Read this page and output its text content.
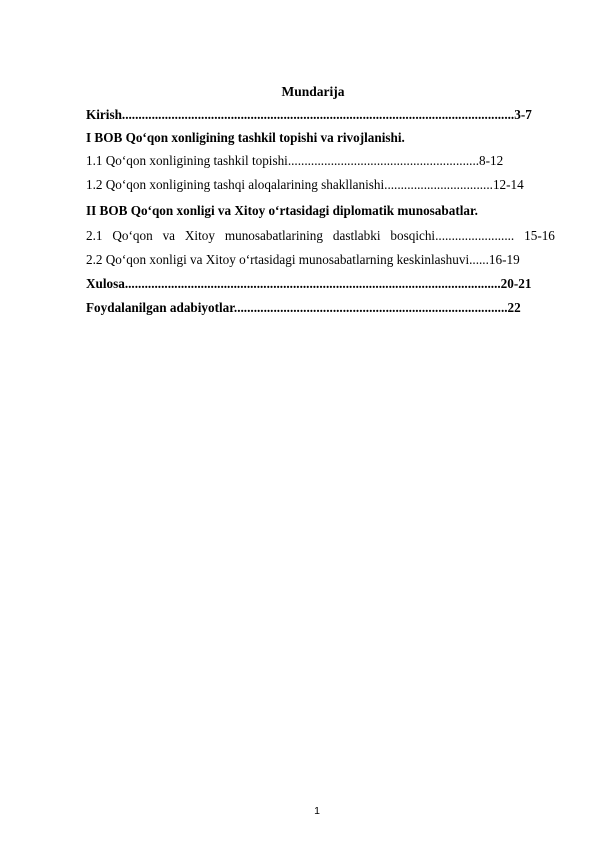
Mundarija
Kirish.......................................................................................................................3-7
I BOB Qo‘qon xonligining tashkil topishi va rivojlanishi.
1.1 Qo‘qon xonligining tashkil topishi..........................................................8-12
1.2 Qo‘qon xonligining tashqi aloqalarining shakllanishi.................................12-14
II BOB Qo‘qon xonligi va Xitoy o‘rtasidagi diplomatik munosabatlar.
2.1 Qo‘qon va Xitoy munosabatlarining dastlabki bosqichi........................ 15-16
2.2 Qo‘qon xonligi va Xitoy o‘rtasidagi munosabatlarning keskinlashuvi......16-19
Xulosa..................................................................................................................20-21
Foydalanilgan adabiyotlar...................................................................................22
1
